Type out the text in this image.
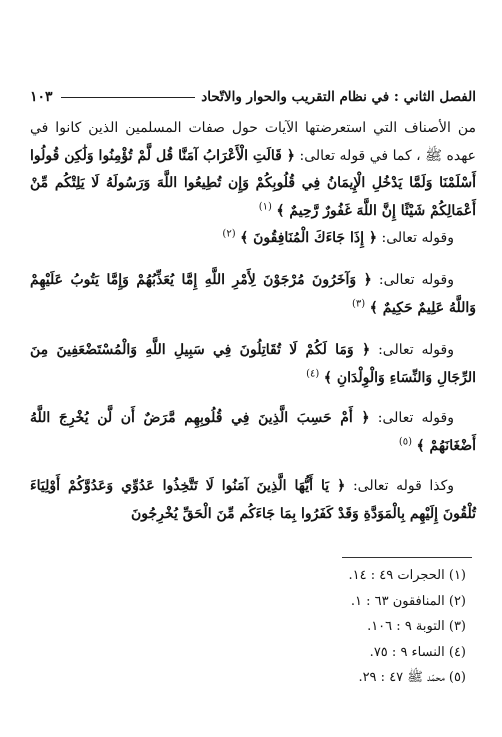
الفصل الثاني : في نظام التقريب والحوار والاتّحاد
١٠٣

من الأصناف التي استعرضتها الآيات حول صفات المسلمين الذين كانوا في عهده ﷺ ، كما في قوله تعالى: ﴿ قَالَتِ الْأَعْرَابُ آمَنَّا قُل لَّمْ تُؤْمِنُوا وَلَٰكِن قُولُوا أَسْلَمْنَا وَلَمَّا يَدْخُلِ الْإِيمَانُ فِي قُلُوبِكُمْ وَإِن تُطِيعُوا اللَّهَ وَرَسُولَهُ لَا يَلِتْكُم مِّنْ أَعْمَالِكُمْ شَيْئًا إِنَّ اللَّهَ غَفُورٌ رَّحِيمٌ ﴾ $^{(١)}$

وقوله تعالى: ﴿ إِذَا جَاءَكَ الْمُنَافِقُونَ ﴾ $^{(٢)}$

وقوله تعالى: ﴿ وَآخَرُونَ مُرْجَوْنَ لِأَمْرِ اللَّهِ إِمَّا يُعَذِّبُهُمْ وَإِمَّا يَتُوبُ عَلَيْهِمْ وَاللَّهُ عَلِيمٌ حَكِيمٌ ﴾ $^{(٣)}$

وقوله تعالى: ﴿ وَمَا لَكُمْ لَا تُقَاتِلُونَ فِي سَبِيلِ اللَّهِ وَالْمُسْتَضْعَفِينَ مِنَ الرِّجَالِ وَالنِّسَاءِ وَالْوِلْدَانِ ﴾ $^{(٤)}$

وقوله تعالى: ﴿ أَمْ حَسِبَ الَّذِينَ فِي قُلُوبِهِم مَّرَضٌ أَن لَّن يُخْرِجَ اللَّهُ أَضْغَانَهُمْ ﴾ $^{(٥)}$

وكذا قوله تعالى: ﴿ يَا أَيُّهَا الَّذِينَ آمَنُوا لَا تَتَّخِذُوا عَدُوِّي وَعَدُوَّكُمْ أَوْلِيَاءَ تُلْقُونَ إِلَيْهِم بِالْمَوَدَّةِ وَقَدْ كَفَرُوا بِمَا جَاءَكُم مِّنَ الْحَقِّ يُخْرِجُونَ

(١) الحجرات ٤٩ : ١٤.
(٢) المنافقون ٦٣ : ١.
(٣) التوبة ٩ : ١٠٦.
(٤) النساء ٩ : ٧٥.
(٥) محمّد ﷺ ٤٧ : ٢٩.
